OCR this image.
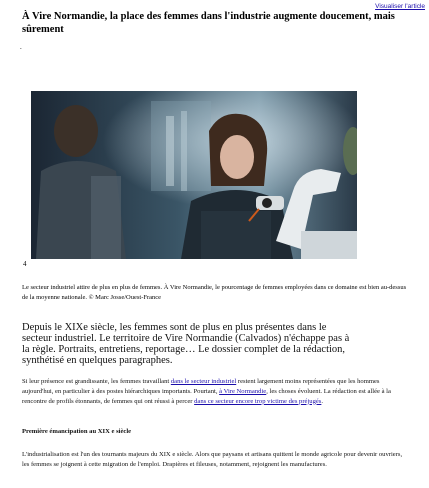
Visualiser l'article
À Vire Normandie, la place des femmes dans l'industrie augmente doucement, mais sûrement
.
4

Le secteur industriel attire de plus en plus de femmes. À Vire Normandie, le pourcentage de femmes employées dans ce domaine est bien au-dessus de la moyenne nationale. © Marc Josse/Ouest-France

Depuis le XIXe siècle, les femmes sont de plus en plus présentes dans le secteur industriel. Le territoire de Vire Normandie (Calvados) n'échappe pas à la règle. Portraits, entretiens, reportage… Le dossier complet de la rédaction, synthétisé en quelques paragraphes.

Si leur présence est grandissante, les femmes travaillant dans le secteur industriel restent largement moins représentées que les hommes aujourd'hui, en particulier à des postes hiérarchiques importants. Pourtant, à Vire Normandie, les choses évoluent. La rédaction est allée à la rencontre de profils étonnants, de femmes qui ont réussi à percer dans ce secteur encore trop victime des préjugés.

Première émancipation au XIX e siècle

L'industrialisation est l'un des tournants majeurs du XIX e siècle. Alors que paysans et artisans quittent le monde agricole pour devenir ouvriers, les femmes se joignent à cette migration de l'emploi. Drapières et fileuses, notamment, rejoignent les manufactures.
